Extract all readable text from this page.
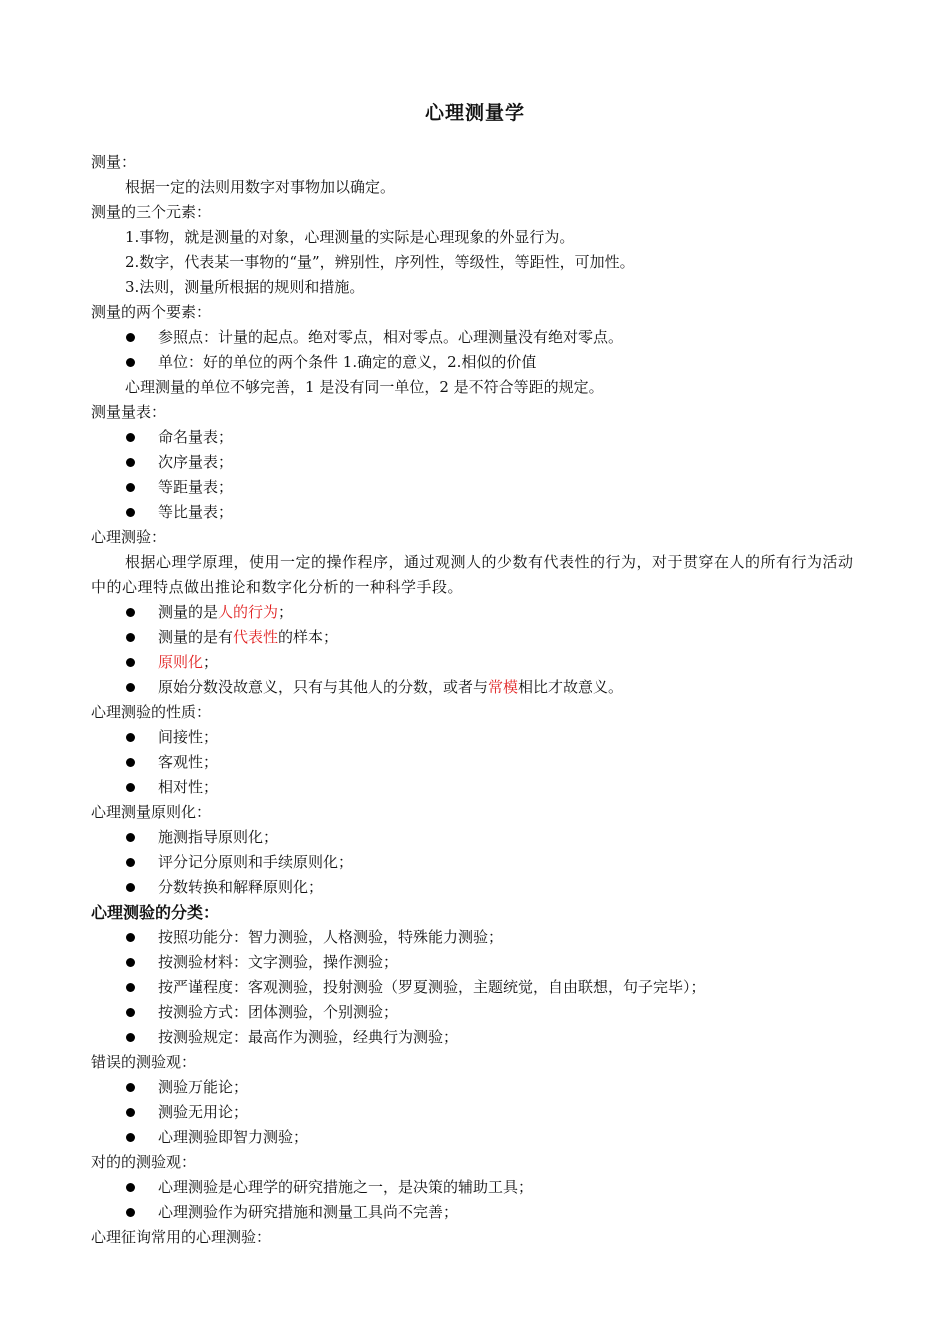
心理测量学

测量：

根据一定的法则用数字对事物加以确定。

测量的三个元素：

1.事物，就是测量的对象，心理测量的实际是心理现象的外显行为。

2.数字，代表某一事物的“量”，辨别性，序列性，等级性，等距性，可加性。

3.法则，测量所根据的规则和措施。

测量的两个要素：

参照点：计量的起点。绝对零点，相对零点。心理测量没有绝对零点。

单位：好的单位的两个条件 1.确定的意义，2.相似的价值

心理测量的单位不够完善，1 是没有同一单位，2 是不符合等距的规定。

测量量表：

命名量表；

次序量表；

等距量表；

等比量表；

心理测验：

根据心理学原理，使用一定的操作程序，通过观测人的少数有代表性的行为，对于贯穿在人的所有行为活动中的心理特点做出推论和数字化分析的一种科学手段。

测量的是人的行为；

测量的是有代表性的样本；

原则化；

原始分数没故意义，只有与其他人的分数，或者与常模相比才故意义。

心理测验的性质：

间接性；

客观性；

相对性；

心理测量原则化：

施测指导原则化；

评分记分原则和手续原则化；

分数转换和解释原则化；

心理测验的分类：

按照功能分：智力测验，人格测验，特殊能力测验；

按测验材料：文字测验，操作测验；

按严谨程度：客观测验，投射测验（罗夏测验，主题统觉，自由联想，句子完毕）；

按测验方式：团体测验，个别测验；

按测验规定：最高作为测验，经典行为测验；

错误的测验观：

测验万能论；

测验无用论；

心理测验即智力测验；

对的的测验观：

心理测验是心理学的研究措施之一，是决策的辅助工具；

心理测验作为研究措施和测量工具尚不完善；

心理征询常用的心理测验：
